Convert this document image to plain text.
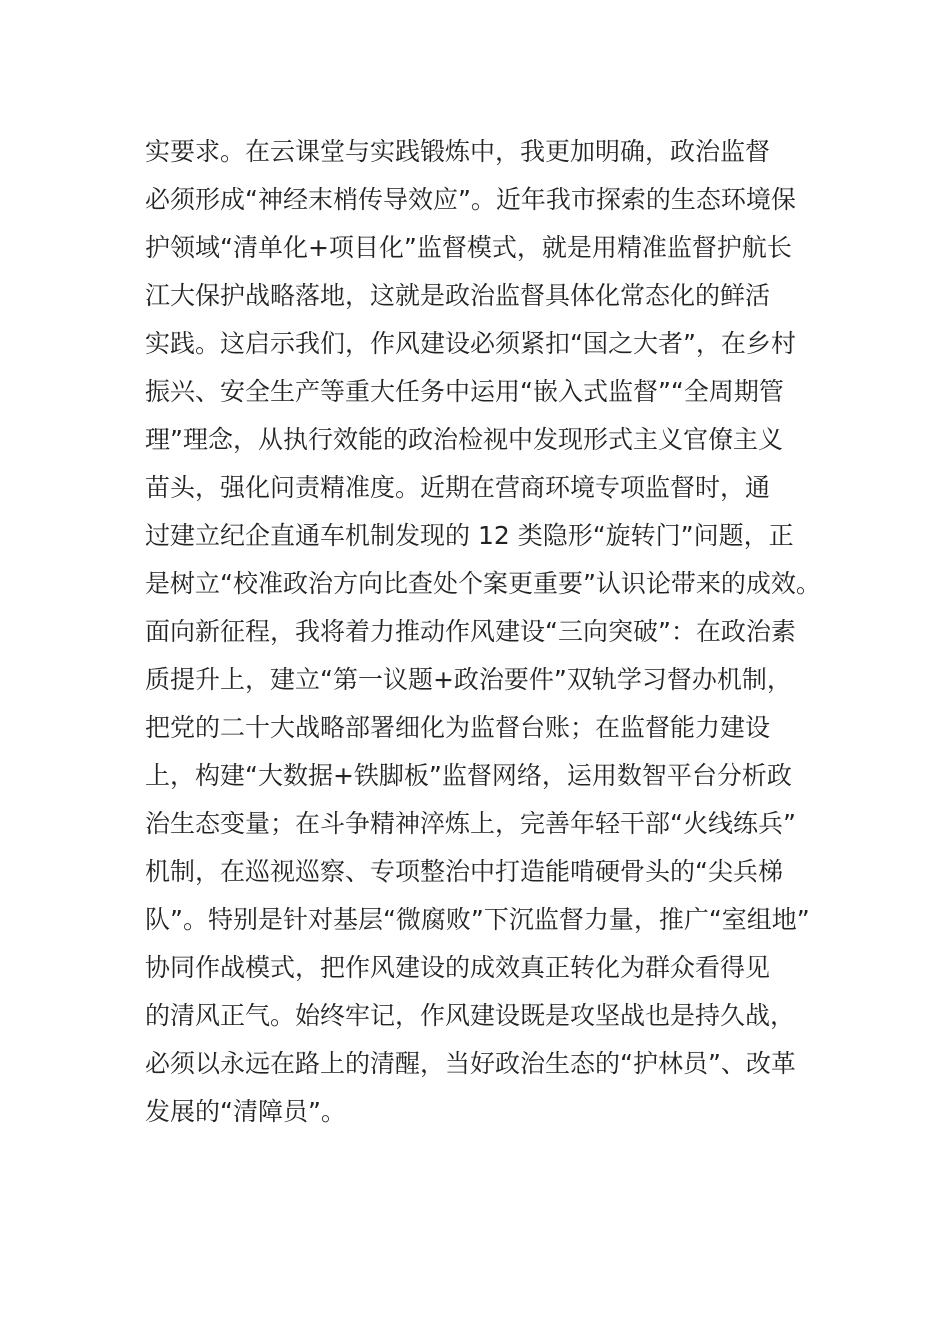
实要求。在云课堂与实践锻炼中，我更加明确，政治监督
必须形成“神经末梢传导效应”。近年我市探索的生态环境保
护领域“清单化+项目化”监督模式，就是用精准监督护航长
江大保护战略落地，这就是政治监督具体化常态化的鲜活
实践。这启示我们，作风建设必须紧扣“国之大者”，在乡村
振兴、安全生产等重大任务中运用“嵌入式监督”“全周期管
理”理念，从执行效能的政治检视中发现形式主义官僚主义
苗头，强化问责精准度。近期在营商环境专项监督时，通
过建立纪企直通车机制发现的 12 类隐形“旋转门”问题，正
是树立“校准政治方向比查处个案更重要”认识论带来的成效。
面向新征程，我将着力推动作风建设“三向突破”：在政治素
质提升上，建立“第一议题+政治要件”双轨学习督办机制，
把党的二十大战略部署细化为监督台账；在监督能力建设
上，构建“大数据+铁脚板”监督网络，运用数智平台分析政
治生态变量；在斗争精神淬炼上，完善年轻干部“火线练兵”
机制，在巡视巡察、专项整治中打造能啃硬骨头的“尖兵梯
队”。特别是针对基层“微腐败”下沉监督力量，推广“室组地”
协同作战模式，把作风建设的成效真正转化为群众看得见
的清风正气。始终牢记，作风建设既是攻坚战也是持久战，
必须以永远在路上的清醒，当好政治生态的“护林员”、改革
发展的“清障员”。
